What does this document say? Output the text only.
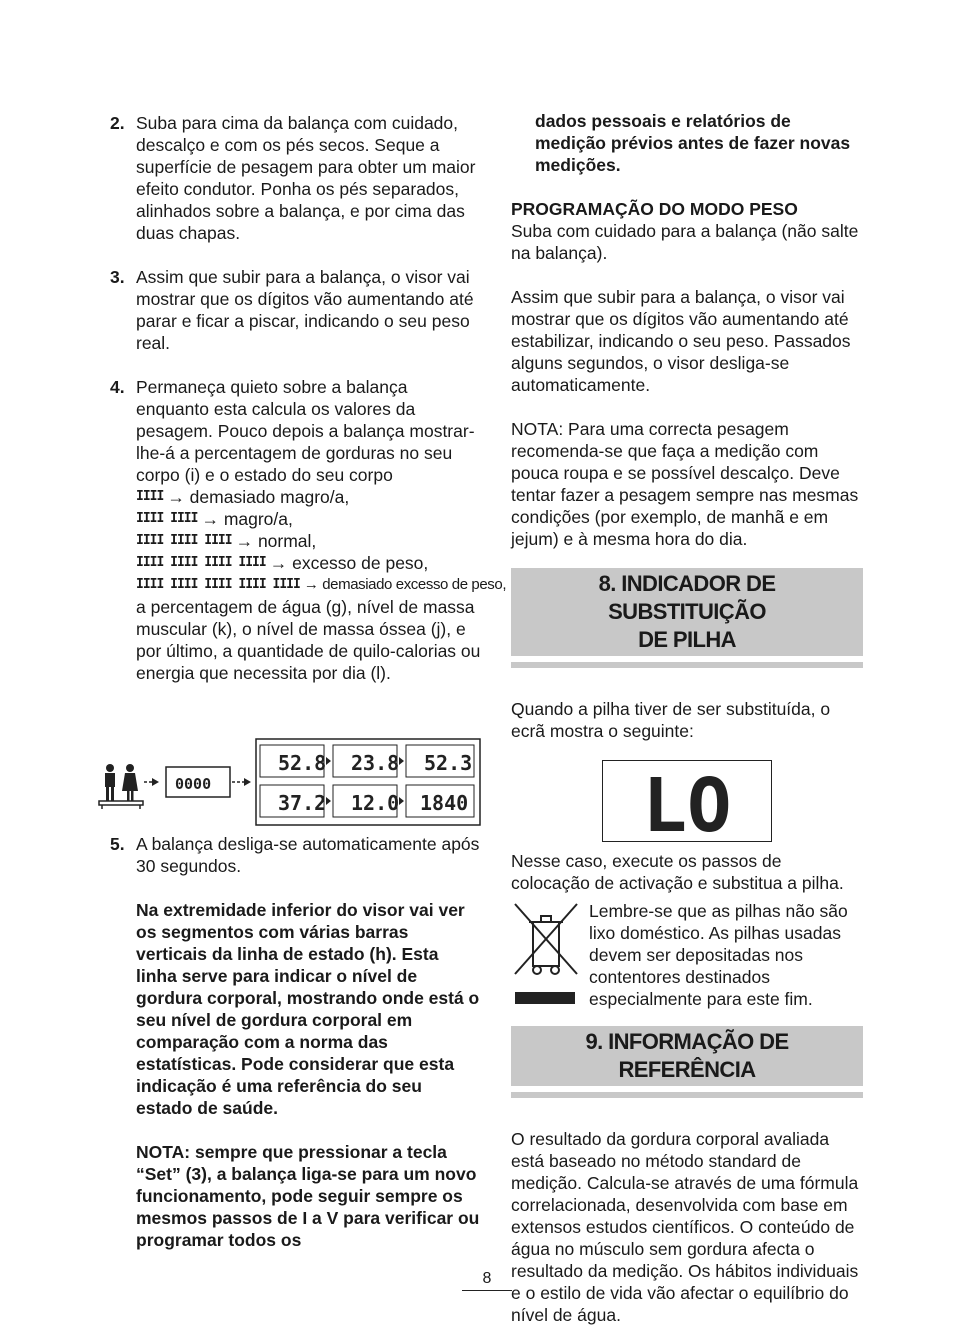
2. Suba para cima da balança com cuidado, descalço e com os pés secos. Seque a superfície de pesagem para obter um maior efeito condutor. Ponha os pés separados, alinhados sobre a balança, e por cima das duas chapas.

3. Assim que subir para a balança, o visor vai mostrar que os dígitos vão aumentando até parar e ficar a piscar, indicando o seu peso real.

4. Permaneça quieto sobre a balança enquanto esta calcula os valores da pesagem. Pouco depois a balança mostrar-lhe-á a percentagem de gorduras no seu corpo (i) e o estado do seu corpo

IIII → demasiado magro/a,
IIII IIII → magro/a,
IIII IIII IIII → normal,
IIII IIII IIII IIII → excesso de peso,
IIII IIII IIII IIII IIII → demasiado excesso de peso,

a percentagem de água (g), nível de massa muscular (k), o nível de massa óssea (j), e por último, a quantidade de quilo-calorias ou energia que necessita por dia (l).

0000
52.8 23.8 52.3
37.2 12.0 1840
5. A balança desliga-se automaticamente após 30 segundos.

Na extremidade inferior do visor vai ver os segmentos com várias barras verticais da linha de estado (h). Esta linha serve para indicar o nível de gordura corporal, mostrando onde está o seu nível de gordura corporal em comparação com a norma das estatísticas. Pode considerar que esta indicação é uma referência do seu estado de saúde.

NOTA: sempre que pressionar a tecla “Set” (3), a balança liga-se para um novo funcionamento, pode seguir sempre os mesmos passos de I a V para verificar ou programar todos os

dados pessoais e relatórios de medição prévios antes de fazer novas medições.

PROGRAMAÇÃO DO MODO PESO

Suba com cuidado para a balança (não salte na balança).

Assim que subir para a balança, o visor vai mostrar que os dígitos vão aumentando até estabilizar, indicando o seu peso. Passados alguns segundos, o visor desliga-se automaticamente.

NOTA: Para uma correcta pesagem recomenda-se que faça a medição com pouca roupa e se possível descalço. Deve tentar fazer a pesagem sempre nas mesmas condições (por exemplo, de manhã e em jejum) e à mesma hora do dia.

8. INDICADOR DE SUBSTITUIÇÃO
DE PILHA

Quando a pilha tiver de ser substituída, o ecrã mostra o seguinte:

LO

Nesse caso, execute os passos de colocação de activação e substitua a pilha.

Lembre-se que as pilhas não são lixo doméstico. As pilhas usadas devem ser depositadas nos contentores destinados especialmente para este fim.

9. INFORMAÇÃO DE REFERÊNCIA

O resultado da gordura corporal avaliada está baseado no método standard de medição. Calcula-se através de uma fórmula correlacionada, desenvolvida com base em extensos estudos científicos. O conteúdo de água no músculo sem gordura afecta o resultado da medição. Os hábitos individuais e o estilo de vida vão afectar o equilíbrio do nível de água.

8
